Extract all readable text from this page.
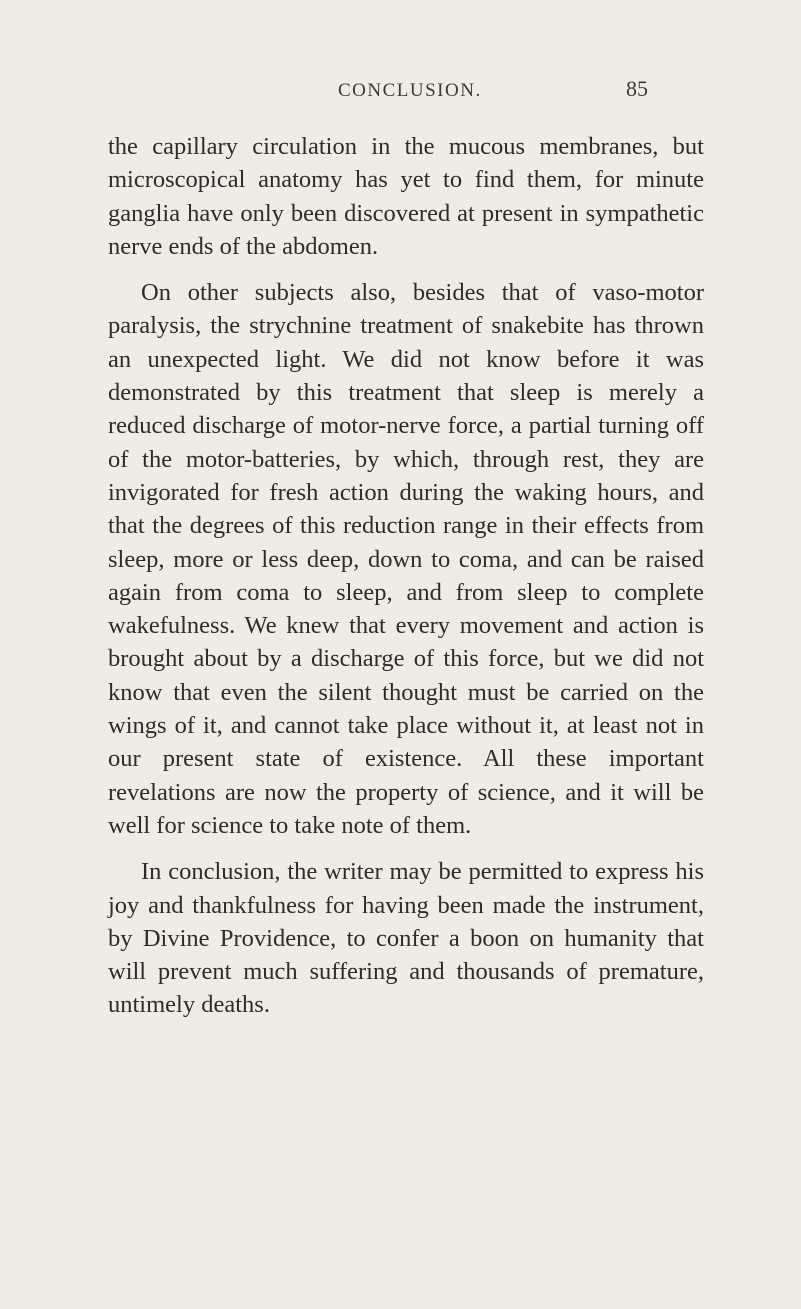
CONCLUSION.	85

the capillary circulation in the mucous membranes, but microscopical anatomy has yet to find them, for minute ganglia have only been discovered at present in sympathetic nerve ends of the abdomen.

On other subjects also, besides that of vaso-motor paralysis, the strychnine treatment of snakebite has thrown an unexpected light. We did not know before it was demonstrated by this treatment that sleep is merely a reduced discharge of motor-nerve force, a partial turning off of the motor-batteries, by which, through rest, they are invigorated for fresh action during the waking hours, and that the degrees of this reduction range in their effects from sleep, more or less deep, down to coma, and can be raised again from coma to sleep, and from sleep to complete wakefulness. We knew that every movement and action is brought about by a discharge of this force, but we did not know that even the silent thought must be carried on the wings of it, and cannot take place without it, at least not in our present state of existence. All these important revelations are now the property of science, and it will be well for science to take note of them.

In conclusion, the writer may be permitted to express his joy and thankfulness for having been made the instrument, by Divine Providence, to confer a boon on humanity that will prevent much suffering and thousands of premature, untimely deaths.
